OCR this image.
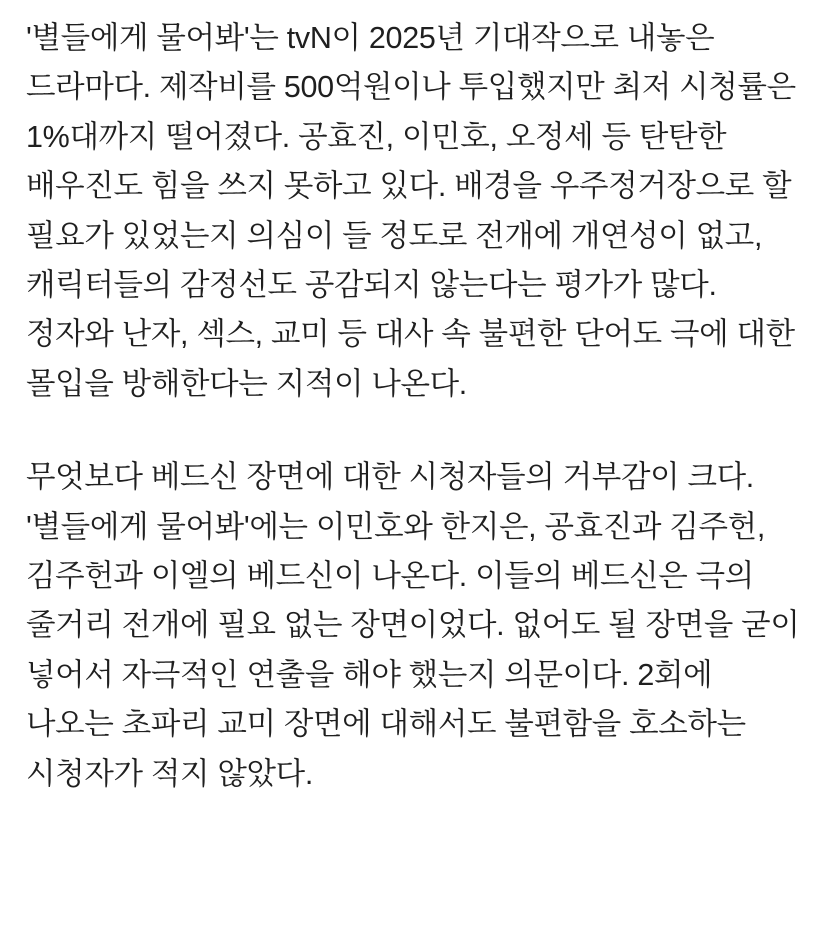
'별들에게 물어봐'는 tvN이 2025년 기대작으로 내놓은 드라마다. 제작비를 500억원이나 투입했지만 최저 시청률은 1%대까지 떨어졌다. 공효진, 이민호, 오정세 등 탄탄한 배우진도 힘을 쓰지 못하고 있다. 배경을 우주정거장으로 할 필요가 있었는지 의심이 들 정도로 전개에 개연성이 없고, 캐릭터들의 감정선도 공감되지 않는다는 평가가 많다. 정자와 난자, 섹스, 교미 등 대사 속 불편한 단어도 극에 대한 몰입을 방해한다는 지적이 나온다.

무엇보다 베드신 장면에 대한 시청자들의 거부감이 크다. '별들에게 물어봐'에는 이민호와 한지은, 공효진과 김주헌, 김주헌과 이엘의 베드신이 나온다. 이들의 베드신은 극의 줄거리 전개에 필요 없는 장면이었다. 없어도 될 장면을 굳이 넣어서 자극적인 연출을 해야 했는지 의문이다. 2회에 나오는 초파리 교미 장면에 대해서도 불편함을 호소하는 시청자가 적지 않았다.
